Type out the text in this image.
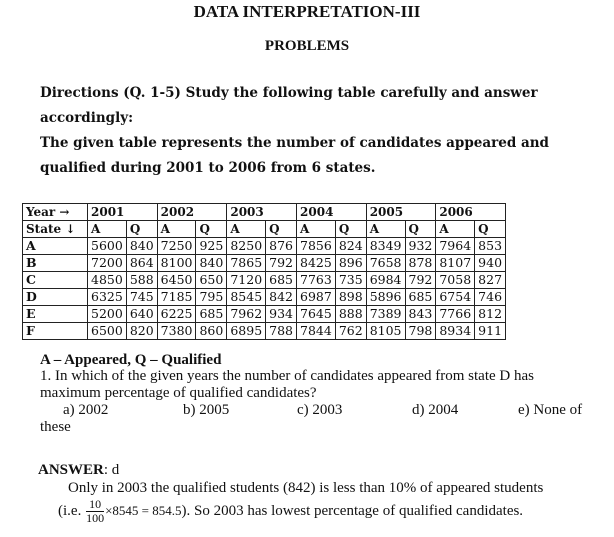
DATA INTERPRETATION-III
PROBLEMS
Directions (Q. 1-5) Study the following table carefully and answer
accordingly:
The given table represents the number of candidates appeared and
qualified during 2001 to 2006 from 6 states.
Year →	2001		2002		2003		2004		2005		2006	
State ↓	A	Q	A	Q	A	Q	A	Q	A	Q	A	Q
A	5600	840	7250	925	8250	876	7856	824	8349	932	7964	853
B	7200	864	8100	840	7865	792	8425	896	7658	878	8107	940
C	4850	588	6450	650	7120	685	7763	735	6984	792	7058	827
D	6325	745	7185	795	8545	842	6987	898	5896	685	6754	746
E	5200	640	6225	685	7962	934	7645	888	7389	843	7766	812
F	6500	820	7380	860	6895	788	7844	762	8105	798	8934	911
A – Appeared, Q – Qualified
1. In which of the given years the number of candidates appeared from state D has
maximum percentage of qualified candidates?
a) 2002	b) 2005	c) 2003	d) 2004	e) None of
these
ANSWER: d
Only in 2003 the qualified students (842) is less than 10% of appeared students
(i.e. $\frac{10}{100} \times 8545 = 854.5$). So 2003 has lowest percentage of qualified candidates.
